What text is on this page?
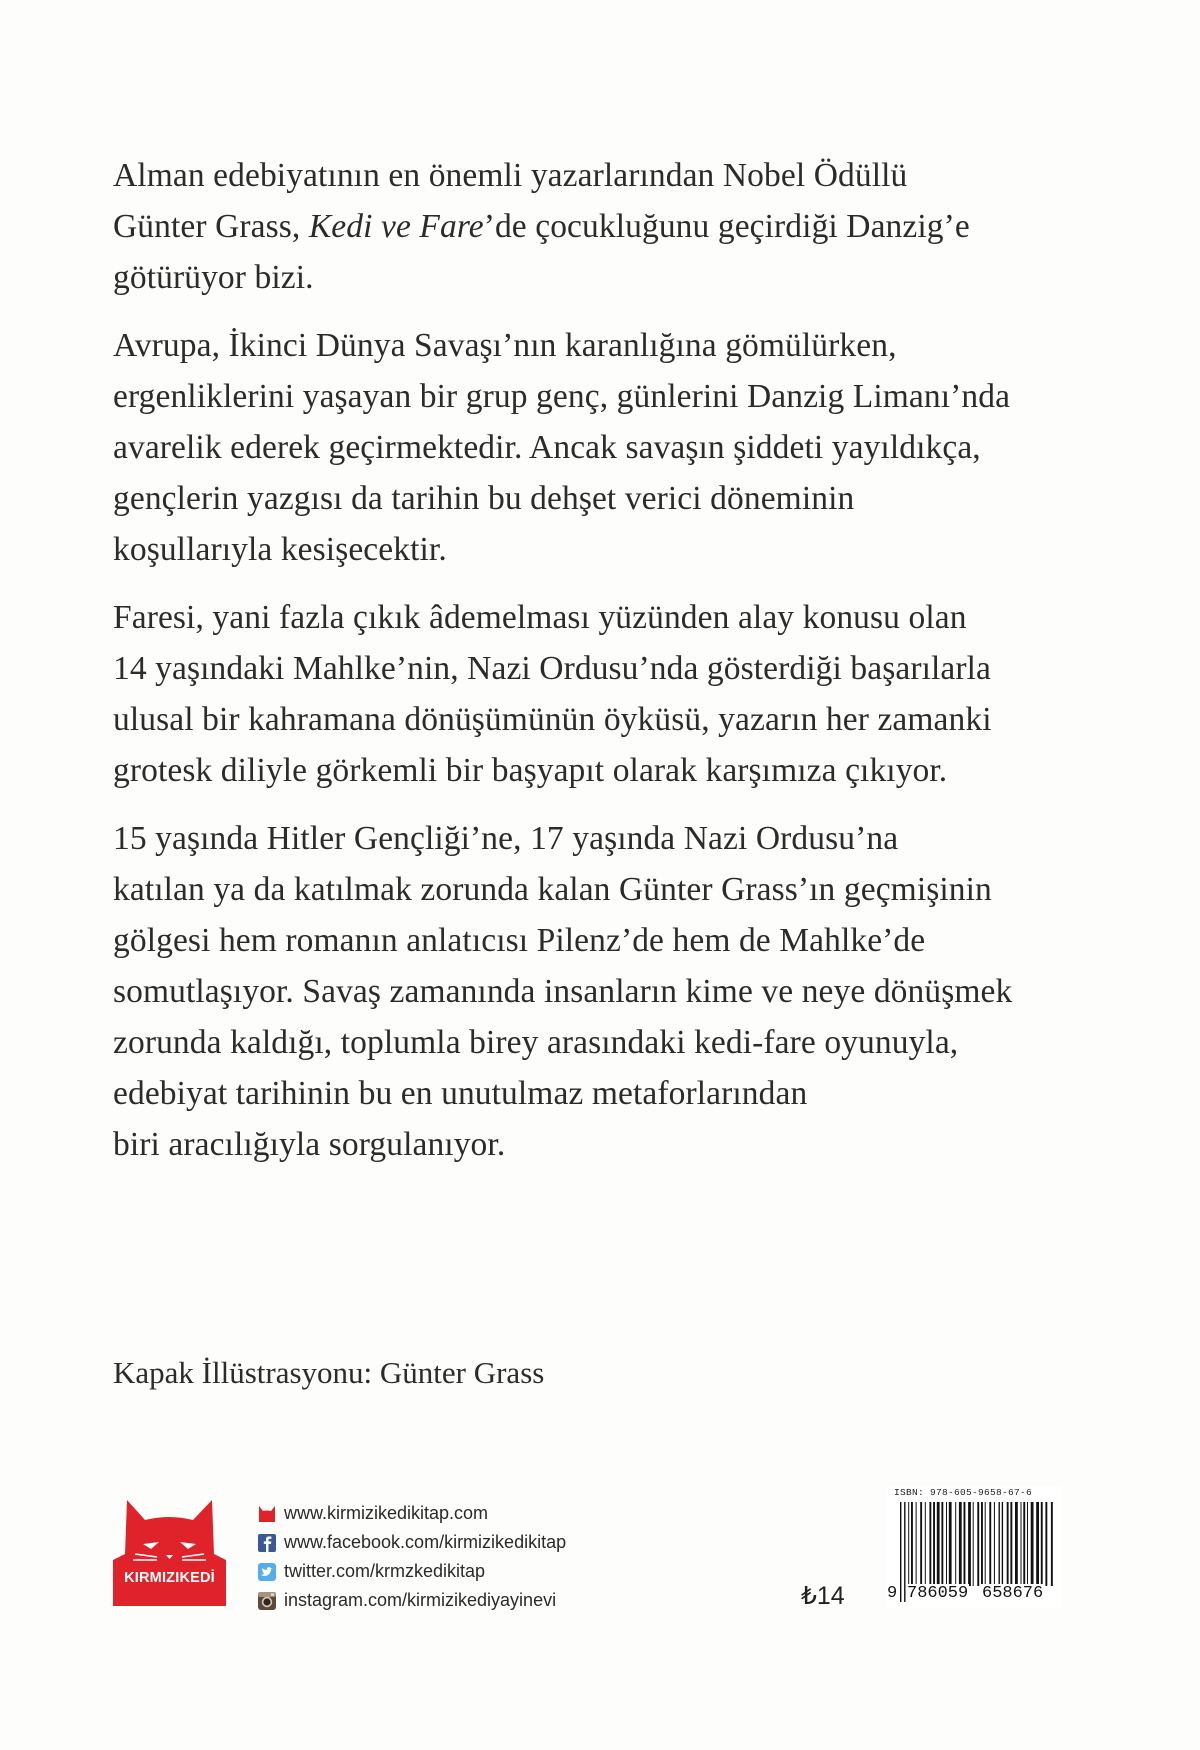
Alman edebiyatının en önemli yazarlarından Nobel Ödüllü
Günter Grass, Kedi ve Fare’de çocukluğunu geçirdiği Danzig’e
götürüyor bizi.

Avrupa, İkinci Dünya Savaşı’nın karanlığına gömülürken,
ergenliklerini yaşayan bir grup genç, günlerini Danzig Limanı’nda
avarelik ederek geçirmektedir. Ancak savaşın şiddeti yayıldıkça,
gençlerin yazgısı da tarihin bu dehşet verici döneminin
koşullarıyla kesişecektir.

Faresi, yani fazla çıkık âdemelması yüzünden alay konusu olan
14 yaşındaki Mahlke’nin, Nazi Ordusu’nda gösterdiği başarılarla
ulusal bir kahramana dönüşümünün öyküsü, yazarın her zamanki
grotesk diliyle görkemli bir başyapıt olarak karşımıza çıkıyor.

15 yaşında Hitler Gençliği’ne, 17 yaşında Nazi Ordusu’na
katılan ya da katılmak zorunda kalan Günter Grass’ın geçmişinin
gölgesi hem romanın anlatıcısı Pilenz’de hem de Mahlke’de
somutlaşıyor. Savaş zamanında insanların kime ve neye dönüşmek
zorunda kaldığı, toplumla birey arasındaki kedi-fare oyunuyla,
edebiyat tarihinin bu en unutulmaz metaforlarından
biri aracılığıyla sorgulanıyor.

Kapak İllüstrasyonu: Günter Grass
KIRMIZIKEDİ
www.kirmizikedikitap.com
www.facebook.com/kirmizikedikitap
twitter.com/krmzkedikitap
instagram.com/kirmizikediyayinevi	₺14
ISBN: 978-605-9658-67-6
9 786059 658676
